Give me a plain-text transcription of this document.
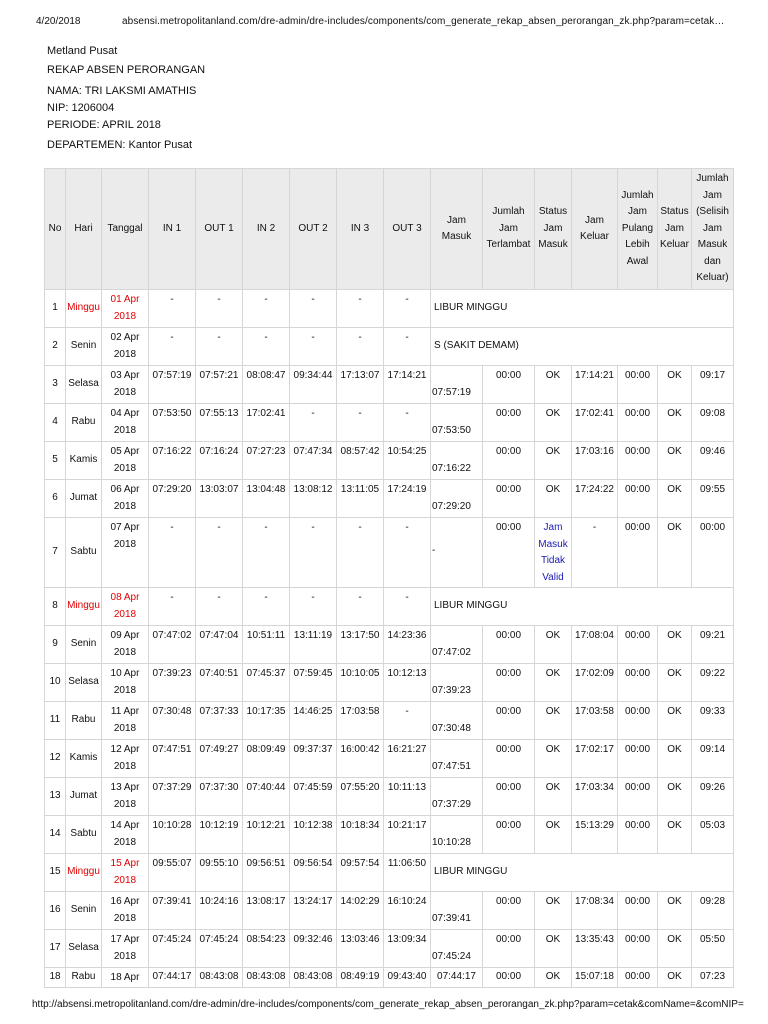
4/20/2018	absensi.metropolitanland.com/dre-admin/dre-includes/components/com_generate_rekap_absen_perorangan_zk.php?param=cetak…
Metland Pusat
REKAP ABSEN PERORANGAN
NAMA: TRI LAKSMI AMATHIS
NIP: 1206004
PERIODE: APRIL 2018
DEPARTEMEN: Kantor Pusat
No	Hari	Tanggal	IN 1	OUT 1	IN 2	OUT 2	IN 3	OUT 3	Jam Masuk	Jumlah Jam Terlambat	Status Jam Masuk	Jam Keluar	Jumlah Jam Pulang Lebih Awal	Status Jam Keluar	Jumlah Jam (Selisih Jam Masuk dan Keluar)
1	Minggu	01 Apr 2018	-	-	-	-	-	-	LIBUR MINGGU						
2	Senin	02 Apr 2018	-	-	-	-	-	-	S (SAKIT DEMAM)						
3	Selasa	03 Apr 2018	07:57:19	07:57:21	08:08:47	09:34:44	17:13:07	17:14:21	07:57:19	00:00	OK	17:14:21	00:00	OK	09:17
4	Rabu	04 Apr 2018	07:53:50	07:55:13	17:02:41	-	-	-	07:53:50	00:00	OK	17:02:41	00:00	OK	09:08
5	Kamis	05 Apr 2018	07:16:22	07:16:24	07:27:23	07:47:34	08:57:42	10:54:25	07:16:22	00:00	OK	17:03:16	00:00	OK	09:46
6	Jumat	06 Apr 2018	07:29:20	13:03:07	13:04:48	13:08:12	13:11:05	17:24:19	07:29:20	00:00	OK	17:24:22	00:00	OK	09:55
7	Sabtu	07 Apr 2018	-	-	-	-	-	-	-	00:00	Jam Masuk Tidak Valid	-	00:00	OK	00:00
8	Minggu	08 Apr 2018	-	-	-	-	-	-	LIBUR MINGGU						
9	Senin	09 Apr 2018	07:47:02	07:47:04	10:51:11	13:11:19	13:17:50	14:23:36	07:47:02	00:00	OK	17:08:04	00:00	OK	09:21
10	Selasa	10 Apr 2018	07:39:23	07:40:51	07:45:37	07:59:45	10:10:05	10:12:13	07:39:23	00:00	OK	17:02:09	00:00	OK	09:22
11	Rabu	11 Apr 2018	07:30:48	07:37:33	10:17:35	14:46:25	17:03:58	-	07:30:48	00:00	OK	17:03:58	00:00	OK	09:33
12	Kamis	12 Apr 2018	07:47:51	07:49:27	08:09:49	09:37:37	16:00:42	16:21:27	07:47:51	00:00	OK	17:02:17	00:00	OK	09:14
13	Jumat	13 Apr 2018	07:37:29	07:37:30	07:40:44	07:45:59	07:55:20	10:11:13	07:37:29	00:00	OK	17:03:34	00:00	OK	09:26
14	Sabtu	14 Apr 2018	10:10:28	10:12:19	10:12:21	10:12:38	10:18:34	10:21:17	10:10:28	00:00	OK	15:13:29	00:00	OK	05:03
15	Minggu	15 Apr 2018	09:55:07	09:55:10	09:56:51	09:56:54	09:57:54	11:06:50	LIBUR MINGGU						
16	Senin	16 Apr 2018	07:39:41	10:24:16	13:08:17	13:24:17	14:02:29	16:10:24	07:39:41	00:00	OK	17:08:34	00:00	OK	09:28
17	Selasa	17 Apr 2018	07:45:24	07:45:24	08:54:23	09:32:46	13:03:46	13:09:34	07:45:24	00:00	OK	13:35:43	00:00	OK	05:50
18	Rabu	18 Apr	07:44:17	08:43:08	08:43:08	08:43:08	08:49:19	09:43:40	07:44:17	00:00	OK	15:07:18	00:00	OK	07:23
http://absensi.metropolitanland.com/dre-admin/dre-includes/components/com_generate_rekap_absen_perorangan_zk.php?param=cetak&comName=&comNIP=
